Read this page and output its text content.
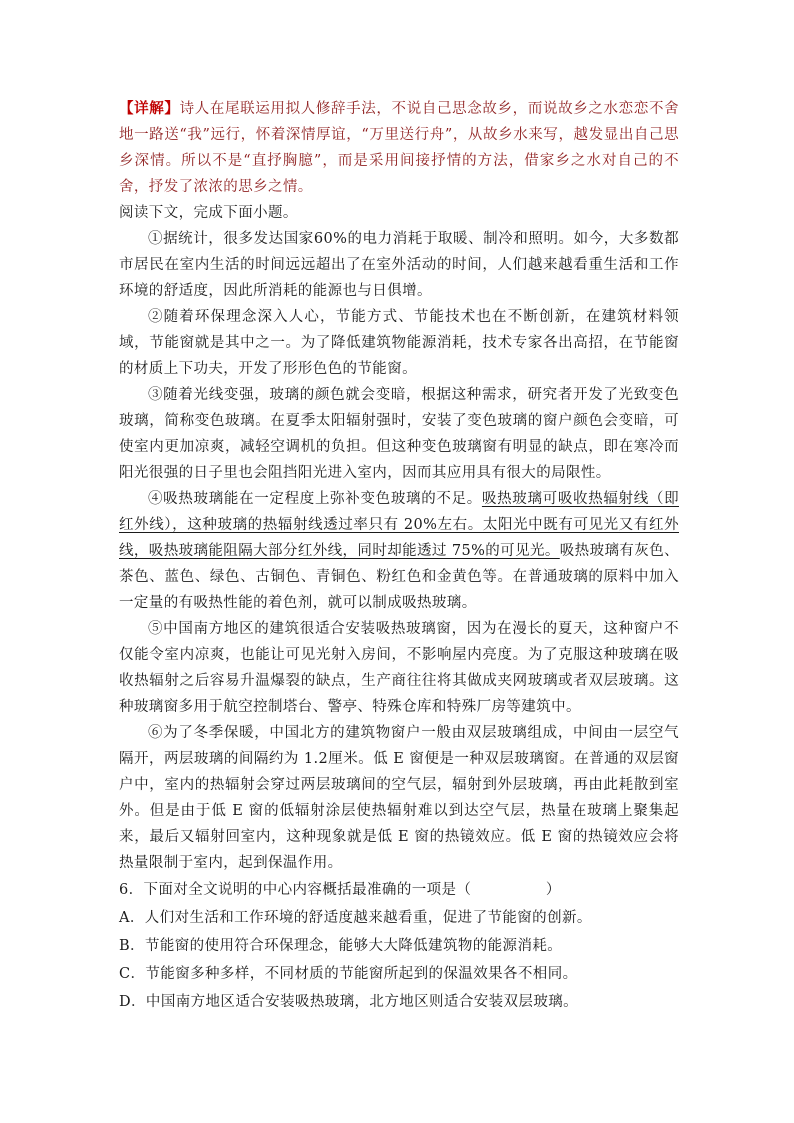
【详解】诗人在尾联运用拟人修辞手法，不说自己思念故乡，而说故乡之水恋恋不舍地一路送“我”远行，怀着深情厚谊，“万里送行舟”，从故乡水来写，越发显出自己思乡深情。所以不是“直抒胸臆”，而是采用间接抒情的方法，借家乡之水对自己的不舍，抒发了浓浓的思乡之情。

阅读下文，完成下面小题。

①据统计，很多发达国家60%的电力消耗于取暖、制冷和照明。如今，大多数都市居民在室内生活的时间远远超出了在室外活动的时间，人们越来越看重生活和工作环境的舒适度，因此所消耗的能源也与日俱增。

②随着环保理念深入人心，节能方式、节能技术也在不断创新，在建筑材料领域，节能窗就是其中之一。为了降低建筑物能源消耗，技术专家各出高招，在节能窗的材质上下功夫，开发了形形色色的节能窗。

③随着光线变强，玻璃的颜色就会变暗，根据这种需求，研究者开发了光致变色玻璃，简称变色玻璃。在夏季太阳辐射强时，安装了变色玻璃的窗户颜色会变暗，可使室内更加凉爽，减轻空调机的负担。但这种变色玻璃窗有明显的缺点，即在寒冷而阳光很强的日子里也会阻挡阳光进入室内，因而其应用具有很大的局限性。

④吸热玻璃能在一定程度上弥补变色玻璃的不足。吸热玻璃可吸收热辐射线（即红外线），这种玻璃的热辐射线透过率只有 20%左右。太阳光中既有可见光又有红外线，吸热玻璃能阻隔大部分红外线，同时却能透过 75%的可见光。吸热玻璃有灰色、茶色、蓝色、绿色、古铜色、青铜色、粉红色和金黄色等。在普通玻璃的原料中加入一定量的有吸热性能的着色剂，就可以制成吸热玻璃。

⑤中国南方地区的建筑很适合安装吸热玻璃窗，因为在漫长的夏天，这种窗户不仅能令室内凉爽，也能让可见光射入房间，不影响屋内亮度。为了克服这种玻璃在吸收热辐射之后容易升温爆裂的缺点，生产商往往将其做成夹网玻璃或者双层玻璃。这种玻璃窗多用于航空控制塔台、警亭、特殊仓库和特殊厂房等建筑中。

⑥为了冬季保暖，中国北方的建筑物窗户一般由双层玻璃组成，中间由一层空气隔开，两层玻璃的间隔约为 1.2厘米。低 E 窗便是一种双层玻璃窗。在普通的双层窗户中，室内的热辐射会穿过两层玻璃间的空气层，辐射到外层玻璃，再由此耗散到室外。但是由于低 E 窗的低辐射涂层使热辐射难以到达空气层，热量在玻璃上聚集起来，最后又辐射回室内，这种现象就是低 E 窗的热镜效应。低 E 窗的热镜效应会将热量限制于室内，起到保温作用。

6．下面对全文说明的中心内容概括最准确的一项是（　　　　　）

A．人们对生活和工作环境的舒适度越来越看重，促进了节能窗的创新。

B．节能窗的使用符合环保理念，能够大大降低建筑物的能源消耗。

C．节能窗多种多样，不同材质的节能窗所起到的保温效果各不相同。

D．中国南方地区适合安装吸热玻璃，北方地区则适合安装双层玻璃。
